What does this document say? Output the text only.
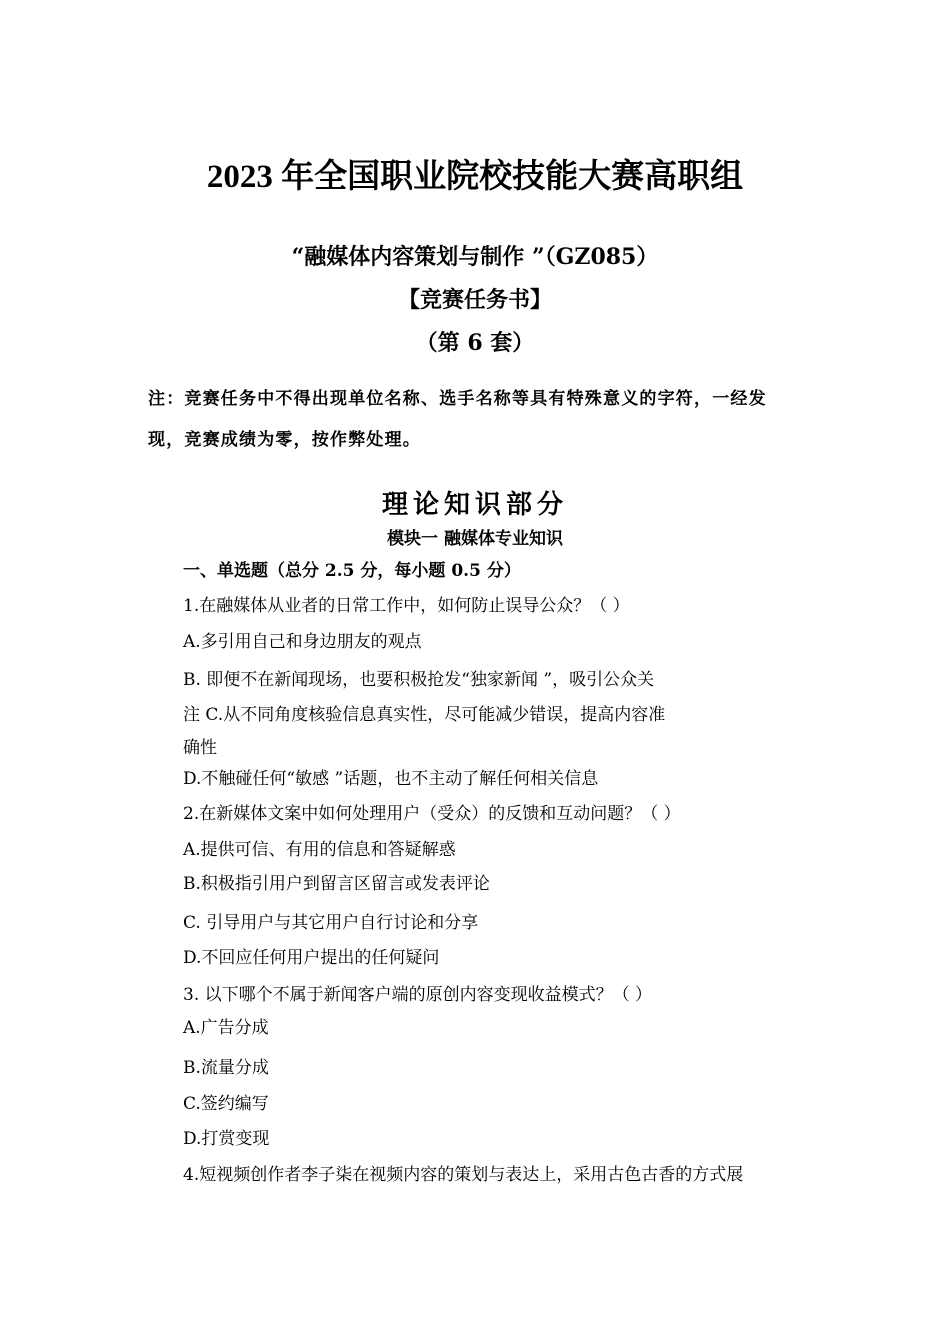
2023 年全国职业院校技能大赛高职组
“融媒体内容策划与制作 ”（GZ085）
【竞赛任务书】
（第 6 套）
注：竞赛任务中不得出现单位名称、选手名称等具有特殊意义的字符，一经发
现，竞赛成绩为零，按作弊处理。
理论知识部分
模块一 融媒体专业知识
一、单选题（总分 2.5 分，每小题 0.5 分）
1.在融媒体从业者的日常工作中，如何防止误导公众？（ ）
A.多引用自己和身边朋友的观点
B. 即便不在新闻现场，也要积极抢发“独家新闻 ”，吸引公众关
注 C.从不同角度核验信息真实性，尽可能减少错误，提高内容准
确性
D.不触碰任何“敏感 ”话题，也不主动了解任何相关信息
2.在新媒体文案中如何处理用户（受众）的反馈和互动问题？（ ）
A.提供可信、有用的信息和答疑解惑
B.积极指引用户到留言区留言或发表评论
C. 引导用户与其它用户自行讨论和分享
D.不回应任何用户提出的任何疑问
3. 以下哪个不属于新闻客户端的原创内容变现收益模式？（ ）
A.广告分成
B.流量分成
C.签约编写
D.打赏变现
4.短视频创作者李子柒在视频内容的策划与表达上，采用古色古香的方式展
